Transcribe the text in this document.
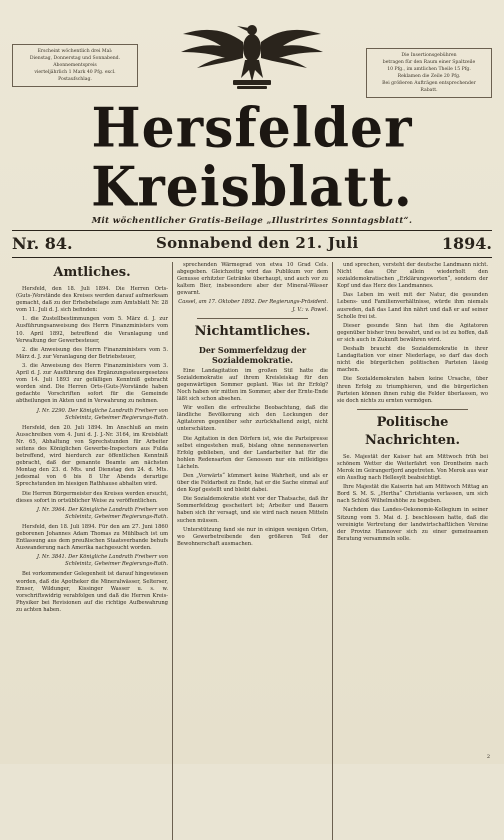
Erscheint wöchentlich drei Mal:
Dienstag, Donnerstag und Sonnabend.
Abonnementspreis
vierteljährlich 1 Mark 40 Pfg. excl.
Postaufschlag.
Die Insertionsgebühren
betragen für den Raum einer Spaltzeile
10 Pfg., im amtlichen Theile 15 Pfg.
Reklamen die Zeile 20 Pfg.
Bei größeren Aufträgen entsprechender
Rabatt.
Hersfelder Kreisblatt.
Mit wöchentlicher Gratis-Beilage „Illustrirtes Sonntagsblatt“.
Nr. 84.	Sonnabend den 21. Juli	1894.
Amtliches.

Hersfeld, den 18. Juli 1894. Die Herren Orts-(Guts-)Vorstände des Kreises werden darauf aufmerksam gemacht, daß zu der Erhebebelage zum Amtsblatt Nr. 28 vom 11. Juli d. J. sich befinden:

1. die Zustellbestimmungen vom 5. März d. J. zur Ausführungsanweisung des Herrn Finanzministers vom 10. April 1892, betreffend die Veranlagung und Verwaltung der Gewerbesteuer,

2. die Anweisung des Herrn Finanzministers vom 5. März d. J. zur Veranlagung der Betriebsteuer,

3. die Anweisung des Herrn Finanzministers vom 3. April d. J. zur Ausführung des Ergänzungssteuergesetzes vom 14. Juli 1893 zur gefälligen Kenntniß gebracht worden sind. Die Herren Orts-(Guts-)Vorstände haben gedachte Vorschriften sofort für die Gemeinde abtheilungen in Akten und in Verwahrung zu nehmen.

J. Nr. 2290. Der Königliche Landrath Freiherr von Schleinitz, Geheimer Regierungs-Rath.

Hersfeld, den 20. Juli 1894. Im Anschluß an mein Ausschreiben vom 4. Juni d. J. J.-Nr. 3164, im Kreisblatt Nr. 65, Abhaltung von Sprechstunden für Arbeiter seitens des Königlichen Gewerbe-Inspectors aus Fulda betreffend, wird hierdurch zur öffentlichen Kenntniß gebracht, daß der genannte Beamte am nächsten Montag den 23. d. Mts. und Dienstag den 24. d. Mts. jedesmal von 6 bis 8 Uhr Abends derartige Sprechstunden im hiesigen Rathhause abhalten wird.

Die Herren Bürgermeister des Kreises werden ersucht, dieses sofort in ortsüblicher Weise zu veröffentlichen.

J. Nr. 3964. Der Königliche Landrath Freiherr von Schleinitz, Geheimer Regierungs-Rath.

Hersfeld, den 18. Juli 1894. Für den am 27. Juni 1860 geborenen Johannes Adam Thomas zu Mühlbach ist um Entlassung aus dem preußischen Staatsverbande behufs Auswanderung nach Amerika nachgesucht worden.

J. Nr. 3841. Der Königliche Landrath Freiherr von Schleinitz, Geheimer Regierungs-Rath.

Bei vorkommender Gelegenheit ist darauf hingewiesen worden, daß die Apotheker die Mineralwässer, Selterser, Emser, Wildunger, Kissinger Wasser u. s. w. vorschriftswidrig verabfolgen und daß die Herren Kreis-Physiker bei Revisionen auf die richtige Aufbewahrung zu achten haben.

sprechenden Wärmegrad von etwa 10 Grad Cels. abgegeben. Gleichzeitig wird das Publikum vor dem Genusse erhitzter Getränke überhaupt, und auch vor zu kaltem Bier, insbesondere aber der Mineral-Wässer gewarnt.

Cassel, am 17. Oktober 1892. Der Regierungs-Präsident. J. V.: v. Pawel.

Nichtamtliches.
Der Sommerfeldzug der Sozialdemokratie.

Eine Landagitation im großen Stil hatte die Sozialdemokratie auf ihrem Kreisleiskag für den gegenwärtigen Sommer geplant. Was ist ihr Erfolg? Noch haben wir mitten im Sommer, aber der Ernte-Ende läßt sich schon absehen.

Wir wollen die erfreuliche Beobachtung, daß die ländliche Bevölkerung sich den Lockungen der Agitatoren gegenüber sehr zurückhaltend zeigt, nicht unterschätzen.

Die Agitation in den Dörfern ist, wie die Parteipresse selbst eingestehen muß, bislang ohne nennenswerten Erfolg geblieben, und der Landarbeiter hat für die hohlen Redensarten der Genossen nur ein mitleidiges Lächeln.

Den „Vorwärts“ kümmert keine Wahrheit, und als er über die Feldarbeit zu Ende, hat er die Sache einmal auf den Kopf gestellt und bleibt dabei.

Die Sozialdemokratie steht vor der Thatsache, daß ihr Sommerfeldzug gescheitert ist; Arbeiter und Bauern haben sich ihr versagt, und sie wird nach neuen Mitteln suchen müssen.

Unterstützung fand sie nur in einigen wenigen Orten, wo Gewerbetreibende den größeren Teil der Bewohnerschaft ausmachen.

und sprechen, versteht der deutsche Landmann nicht. Nicht das Ohr allein wiederholt den sozialdemokratischen „Erklärungsworten“, sondern der Kopf und das Herz des Landmannes.

Das Leben im weit mit der Natur, die gesunden Lebens- und Familienverhältnisse, würde ihm niemals ausreden, daß das Land ihn nährt und daß er auf seiner Scholle frei ist.

Dieser gesunde Sinn hat ihm die Agitatoren gegenüber bisher treu bewahrt, und es ist zu hoffen, daß er sich auch in Zukunft bewähren wird.

Deshalb braucht die Sozialdemokratie in ihrer Landagitation vor einer Niederlage, so darf das doch nicht die bürgerlichen politischen Parteien lässig machen.

Die Sozialdemokraten haben keine Ursache, über ihren Erfolg zu triumphieren, und die bürgerlichen Parteien können ihnen ruhig die Felder überlassen, wo sie doch nichts zu ernten vermögen.

Politische Nachrichten.

Se. Majestät der Kaiser hat am Mittwoch früh bei schönem Wetter die Weiterfahrt von Drontheim nach Merok im Geirangerfjord angetreten. Von Merok aus war ein Ausflug nach Hellesylt beabsichtigt.

Ihre Majestät die Kaiserin hat am Mittwoch Mittag an Bord S. M. S. „Hertha“ Christiania verlassen, um sich nach Schloß Wilhelmshöhe zu begeben.

Nachdem das Landes-Oekonomie-Kollegium in seiner Sitzung vom 5. Mai d. J. beschlossen hatte, daß die vereinigte Vertretung der landwirtschaftlichen Vereine der Provinz Hannover sich zu einer gemeinsamen Beratung versammeln solle.

2
